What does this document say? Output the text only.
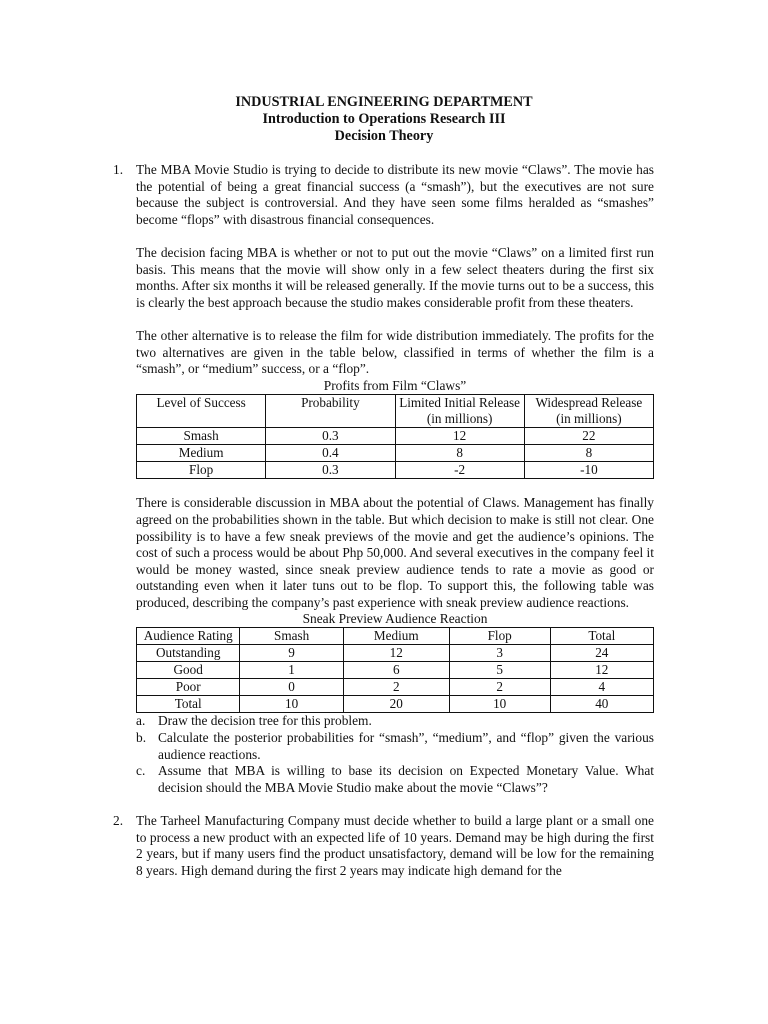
INDUSTRIAL ENGINEERING DEPARTMENT
Introduction to Operations Research III
Decision Theory
1. The MBA Movie Studio is trying to decide to distribute its new movie “Claws”. The movie has the potential of being a great financial success (a “smash”), but the executives are not sure because the subject is controversial. And they have seen some films heralded as “smashes” become “flops” with disastrous financial consequences.

The decision facing MBA is whether or not to put out the movie “Claws” on a limited first run basis. This means that the movie will show only in a few select theaters during the first six months. After six months it will be released generally. If the movie turns out to be a success, this is clearly the best approach because the studio makes considerable profit from these theaters.

The other alternative is to release the film for wide distribution immediately. The profits for the two alternatives are given in the table below, classified in terms of whether the film is a “smash”, or “medium” success, or a “flop”.

Profits from Film “Claws”

Level of Success	Probability	Limited Initial Release (in millions)	Widespread Release (in millions)
Smash	0.3	12	22
Medium	0.4	8	8
Flop	0.3	-2	-10

There is considerable discussion in MBA about the potential of Claws. Management has finally agreed on the probabilities shown in the table. But which decision to make is still not clear. One possibility is to have a few sneak previews of the movie and get the audience’s opinions. The cost of such a process would be about Php 50,000. And several executives in the company feel it would be money wasted, since sneak preview audience tends to rate a movie as good or outstanding even when it later tuns out to be flop. To support this, the following table was produced, describing the company’s past experience with sneak preview audience reactions.

Sneak Preview Audience Reaction

Audience Rating	Smash	Medium	Flop	Total
Outstanding	9	12	3	24
Good	1	6	5	12
Poor	0	2	2	4
Total	10	20	10	40
a. Draw the decision tree for this problem.
b. Calculate the posterior probabilities for “smash”, “medium”, and “flop” given the various audience reactions.
c. Assume that MBA is willing to base its decision on Expected Monetary Value. What decision should the MBA Movie Studio make about the movie “Claws”?
2. The Tarheel Manufacturing Company must decide whether to build a large plant or a small one to process a new product with an expected life of 10 years. Demand may be high during the first 2 years, but if many users find the product unsatisfactory, demand will be low for the remaining 8 years. High demand during the first 2 years may indicate high demand for the
